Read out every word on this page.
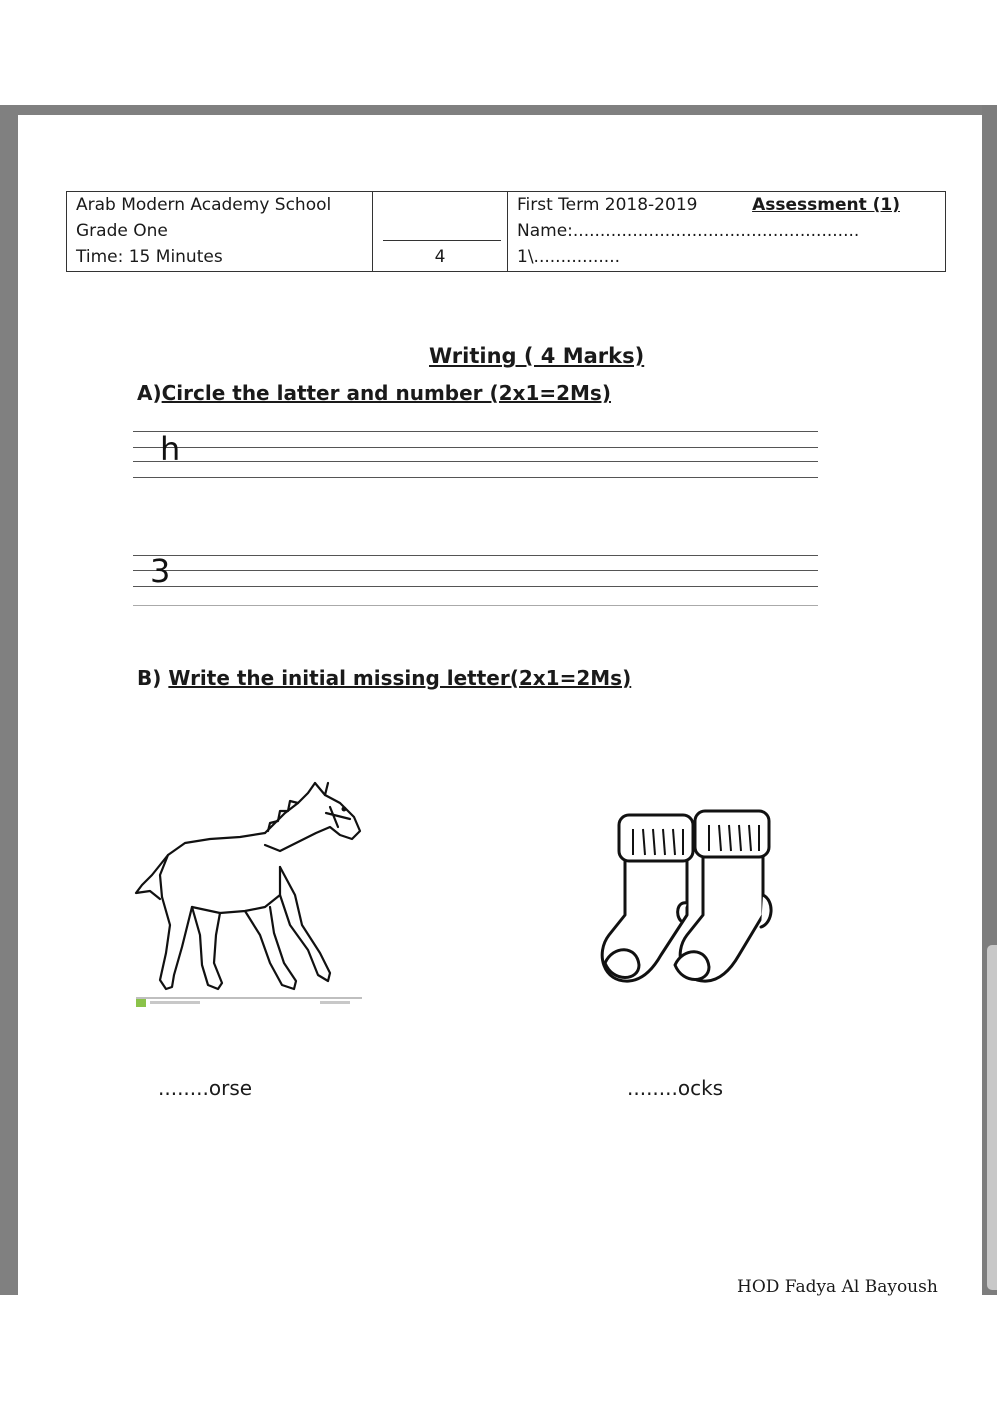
Arab Modern Academy School
Grade One
Time: 15 Minutes	4

First Term 2018-2019	Assessment (1)
Name:.....................................................
1\................
Writing ( 4 Marks)
A)Circle the latter and number (2x1=2Ms)
h
3
B) Write the initial missing letter(2x1=2Ms)
........orse	........ocks
HOD Fadya Al Bayoush
